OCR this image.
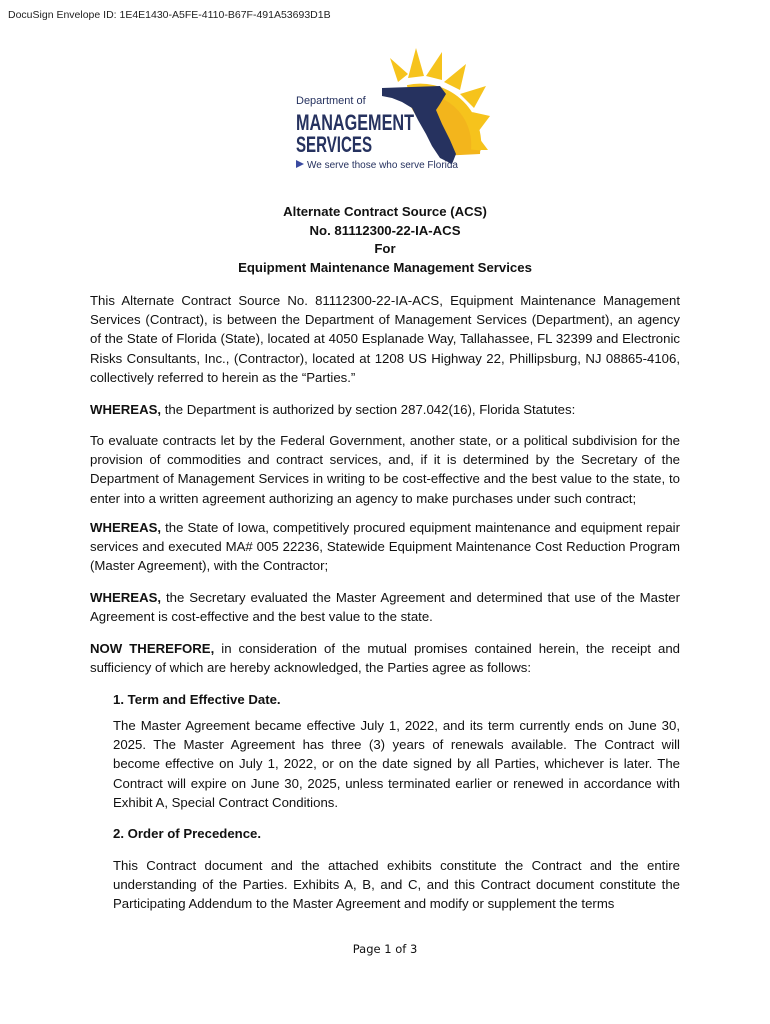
DocuSign Envelope ID: 1E4E1430-A5FE-4110-B67F-491A53693D1B
Department of
MANAGEMENT
SERVICES
We serve those who serve Florida
Alternate Contract Source (ACS)
No. 81112300-22-IA-ACS
For
Equipment Maintenance Management Services

This Alternate Contract Source No. 81112300-22-IA-ACS, Equipment Maintenance Management Services (Contract), is between the Department of Management Services (Department), an agency of the State of Florida (State), located at 4050 Esplanade Way, Tallahassee, FL 32399 and Electronic Risks Consultants, Inc., (Contractor), located at 1208 US Highway 22, Phillipsburg, NJ 08865-4106, collectively referred to herein as the “Parties.”

WHEREAS, the Department is authorized by section 287.042(16), Florida Statutes:

To evaluate contracts let by the Federal Government, another state, or a political subdivision for the provision of commodities and contract services, and, if it is determined by the Secretary of the Department of Management Services in writing to be cost-effective and the best value to the state, to enter into a written agreement authorizing an agency to make purchases under such contract;

WHEREAS, the State of Iowa, competitively procured equipment maintenance and equipment repair services and executed MA# 005 22236, Statewide Equipment Maintenance Cost Reduction Program (Master Agreement), with the Contractor;

WHEREAS, the Secretary evaluated the Master Agreement and determined that use of the Master Agreement is cost-effective and the best value to the state.

NOW THEREFORE, in consideration of the mutual promises contained herein, the receipt and sufficiency of which are hereby acknowledged, the Parties agree as follows:

1. Term and Effective Date.

The Master Agreement became effective July 1, 2022, and its term currently ends on June 30, 2025. The Master Agreement has three (3) years of renewals available. The Contract will become effective on July 1, 2022, or on the date signed by all Parties, whichever is later. The Contract will expire on June 30, 2025, unless terminated earlier or renewed in accordance with Exhibit A, Special Contract Conditions.

2. Order of Precedence.

This Contract document and the attached exhibits constitute the Contract and the entire understanding of the Parties. Exhibits A, B, and C, and this Contract document constitute the Participating Addendum to the Master Agreement and modify or supplement the terms

Page 1 of 3
